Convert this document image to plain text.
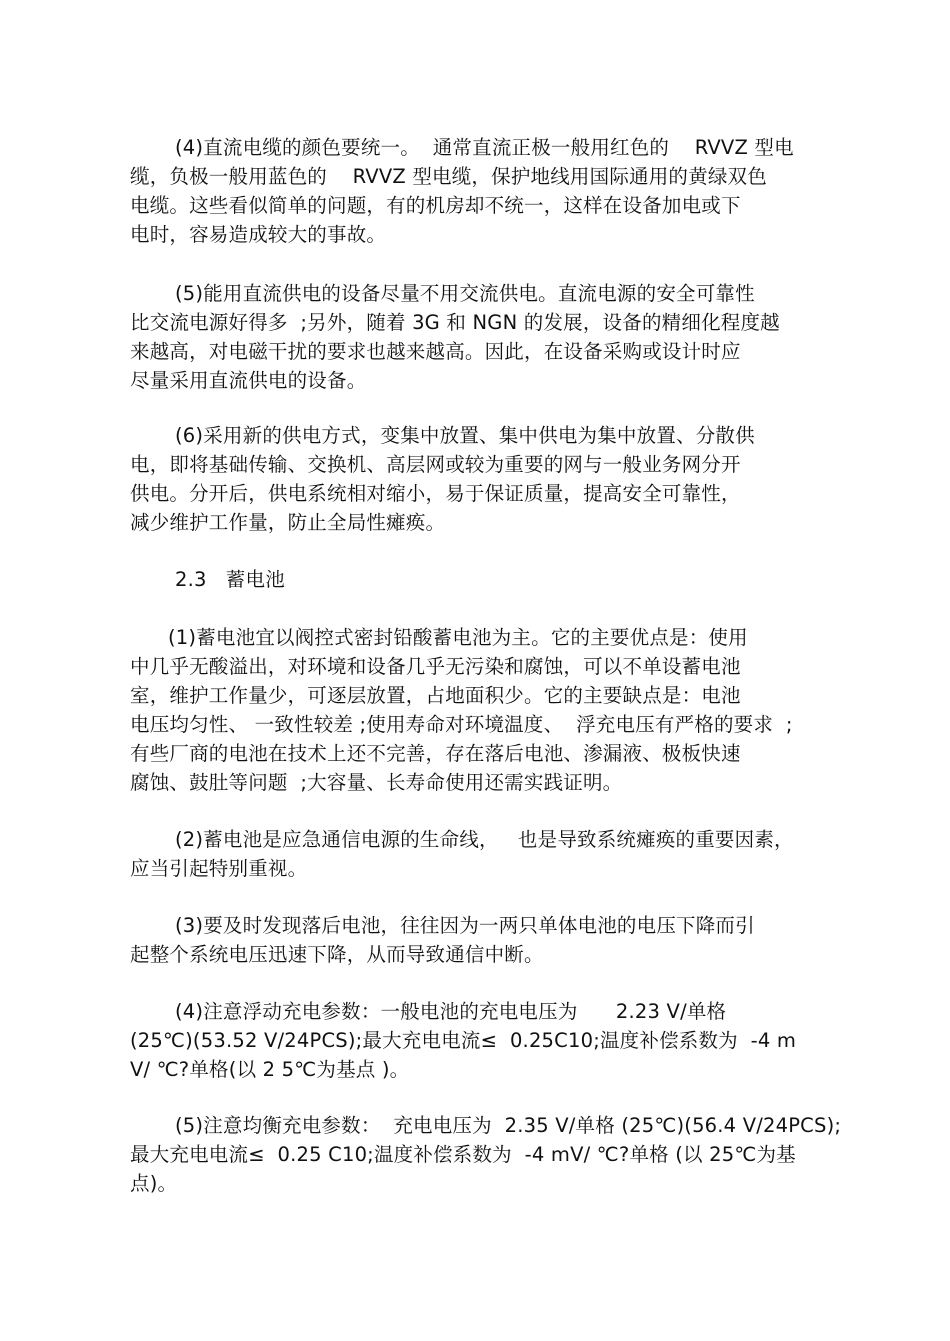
(4)直流电缆的颜色要统一。  通常直流正极一般用红色的    RVVZ 型电
缆，负极一般用蓝色的    RVVZ 型电缆，保护地线用国际通用的黄绿双色
电缆。这些看似简单的问题，有的机房却不统一，这样在设备加电或下
电时，容易造成较大的事故。
(5)能用直流供电的设备尽量不用交流供电。直流电源的安全可靠性
比交流电源好得多  ;另外，随着 3G 和 NGN 的发展，设备的精细化程度越
来越高，对电磁干扰的要求也越来越高。因此，在设备采购或设计时应
尽量采用直流供电的设备。
(6)采用新的供电方式，变集中放置、集中供电为集中放置、分散供
电，即将基础传输、交换机、高层网或较为重要的网与一般业务网分开
供电。分开后，供电系统相对缩小，易于保证质量，提高安全可靠性，
减少维护工作量，防止全局性瘫痪。
2.3   蓄电池
(1)蓄电池宜以阀控式密封铅酸蓄电池为主。它的主要优点是：使用
中几乎无酸溢出，对环境和设备几乎无污染和腐蚀，可以不单设蓄电池
室，维护工作量少，可逐层放置，占地面积少。它的主要缺点是：电池
电压均匀性、 一致性较差 ;使用寿命对环境温度、  浮充电压有严格的要求  ;
有些厂商的电池在技术上还不完善，存在落后电池、渗漏液、极板快速
腐蚀、鼓肚等问题  ;大容量、长寿命使用还需实践证明。
(2)蓄电池是应急通信电源的生命线，   也是导致系统瘫痪的重要因素，
应当引起特别重视。
(3)要及时发现落后电池，往往因为一两只单体电池的电压下降而引
起整个系统电压迅速下降，从而导致通信中断。
(4)注意浮动充电参数：一般电池的充电电压为      2.23 V/单格
(25℃)(53.52 V/24PCS);最大充电电流≤  0.25C10;温度补偿系数为  -4 m
V/ ℃?单格(以 2 5℃为基点 )。
(5)注意均衡充电参数：  充电电压为  2.35 V/单格 (25℃)(56.4 V/24PCS);
最大充电电流≤  0.25 C10;温度补偿系数为  -4 mV/ ℃?单格 (以 25℃为基
点)。
